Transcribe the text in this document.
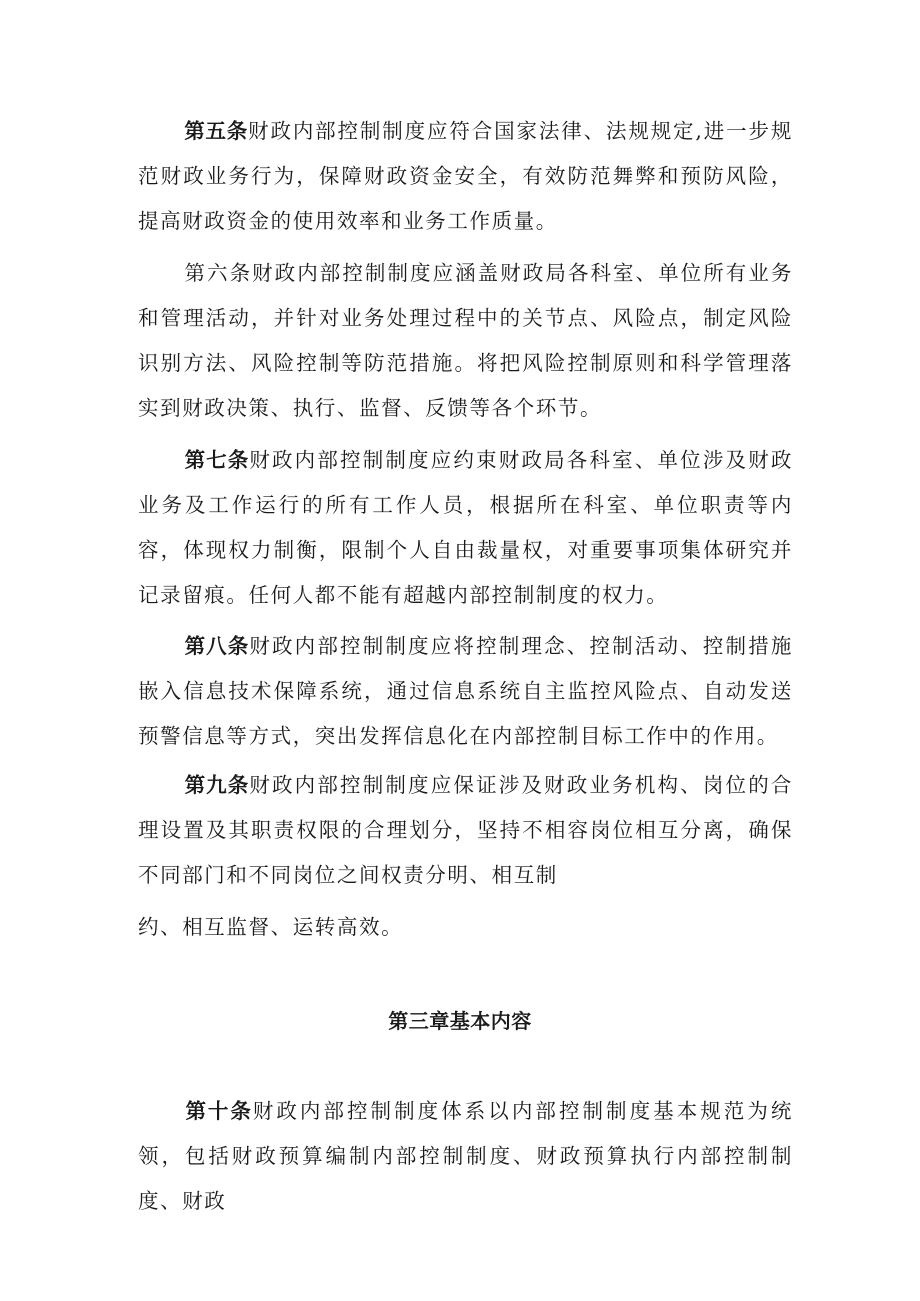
第五条财政内部控制制度应符合国家法律、法规规定,进一步规范财政业务行为，保障财政资金安全，有效防范舞弊和预防风险，提高财政资金的使用效率和业务工作质量。

第六条财政内部控制制度应涵盖财政局各科室、单位所有业务和管理活动，并针对业务处理过程中的关节点、风险点，制定风险识别方法、风险控制等防范措施。将把风险控制原则和科学管理落实到财政决策、执行、监督、反馈等各个环节。

第七条财政内部控制制度应约束财政局各科室、单位涉及财政业务及工作运行的所有工作人员，根据所在科室、单位职责等内容，体现权力制衡，限制个人自由裁量权，对重要事项集体研究并记录留痕。任何人都不能有超越内部控制制度的权力。

第八条财政内部控制制度应将控制理念、控制活动、控制措施嵌入信息技术保障系统，通过信息系统自主监控风险点、自动发送预警信息等方式，突出发挥信息化在内部控制目标工作中的作用。

第九条财政内部控制制度应保证涉及财政业务机构、岗位的合理设置及其职责权限的合理划分，坚持不相容岗位相互分离，确保不同部门和不同岗位之间权责分明、相互制

约、相互监督、运转高效。

第三章基本内容

第十条财政内部控制制度体系以内部控制制度基本规范为统领，包括财政预算编制内部控制制度、财政预算执行内部控制制度、财政
